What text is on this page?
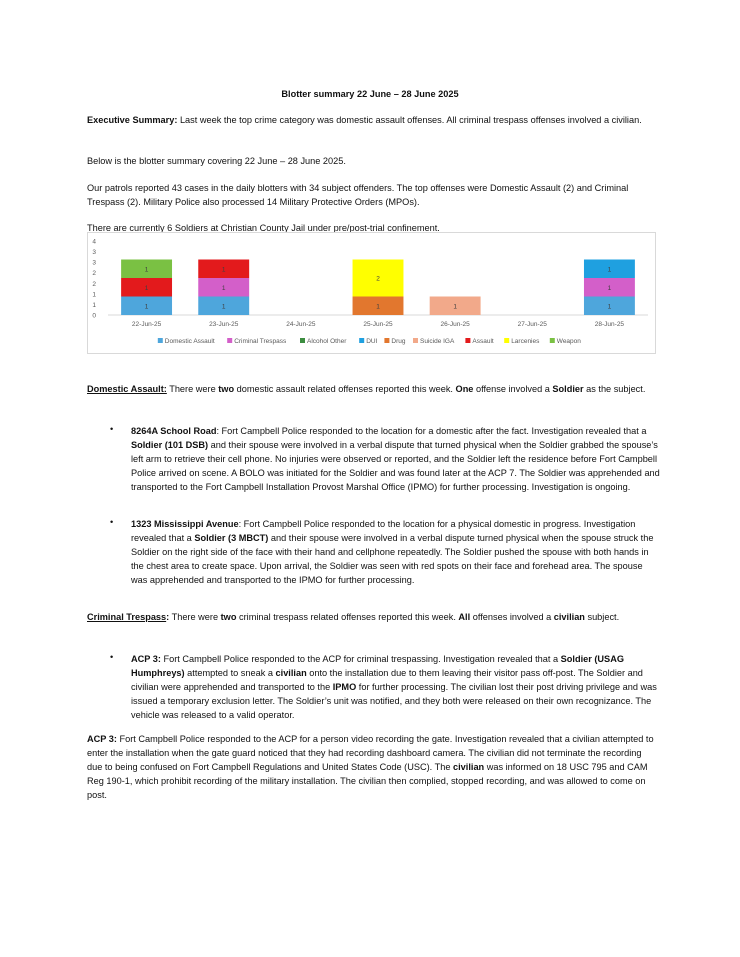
Blotter summary 22 June – 28 June 2025
Executive Summary: Last week the top crime category was domestic assault offenses. All criminal trespass offenses involved a civilian.
Below is the blotter summary covering 22 June – 28 June 2025.
Our patrols reported 43 cases in the daily blotters with 34 subject offenders. The top offenses were Domestic Assault (2) and Criminal Trespass (2). Military Police also processed 14 Military Protective Orders (MPOs).
There are currently 6 Soldiers at Christian County Jail under pre/post-trial confinement.
0
1
1
2
2
3
3
4
1
1
1
22-Jun-25
1
1
1
23-Jun-25	24-Jun-25
1
2
25-Jun-25
1
26-Jun-25	27-Jun-25
1
1
1
28-Jun-25
Domestic Assault	Criminal Trespass	Alcohol Other	DUI Drug Suicide IGA	Assault	Larcenies	Weapon
Domestic Assault: There were two domestic assault related offenses reported this week. One offense involved a Soldier as the subject.
• 8264A School Road: Fort Campbell Police responded to the location for a domestic after the fact. Investigation revealed that a Soldier (101 DSB) and their spouse were involved in a verbal dispute that turned physical when the Soldier grabbed the spouse’s left arm to retrieve their cell phone. No injuries were observed or reported, and the Soldier left the residence before Fort Campbell Police arrived on scene. A BOLO was initiated for the Soldier and was found later at the ACP 7. The Soldier was apprehended and transported to the Fort Campbell Installation Provost Marshal Office (IPMO) for further processing. Investigation is ongoing.
• 1323 Mississippi Avenue: Fort Campbell Police responded to the location for a physical domestic in progress. Investigation revealed that a Soldier (3 MBCT) and their spouse were involved in a verbal dispute turned physical when the spouse struck the Soldier on the right side of the face with their hand and cellphone repeatedly. The Soldier pushed the spouse with both hands in the chest area to create space. Upon arrival, the Soldier was seen with red spots on their face and forehead area. The spouse was apprehended and transported to the IPMO for further processing.
Criminal Trespass: There were two criminal trespass related offenses reported this week. All offenses involved a civilian subject.
• ACP 3: Fort Campbell Police responded to the ACP for criminal trespassing. Investigation revealed that a Soldier (USAG Humphreys) attempted to sneak a civilian onto the installation due to them leaving their visitor pass off-post. The Soldier and civilian were apprehended and transported to the IPMO for further processing. The civilian lost their post driving privilege and was issued a temporary exclusion letter. The Soldier’s unit was notified, and they both were released on their own recognizance. The vehicle was released to a valid operator.
ACP 3: Fort Campbell Police responded to the ACP for a person video recording the gate. Investigation revealed that a civilian attempted to enter the installation when the gate guard noticed that they had recording dashboard camera. The civilian did not terminate the recording due to being confused on Fort Campbell Regulations and United States Code (USC). The civilian was informed on 18 USC 795 and CAM Reg 190-1, which prohibit recording of the military installation. The civilian then complied, stopped recording, and was allowed to come on post.
